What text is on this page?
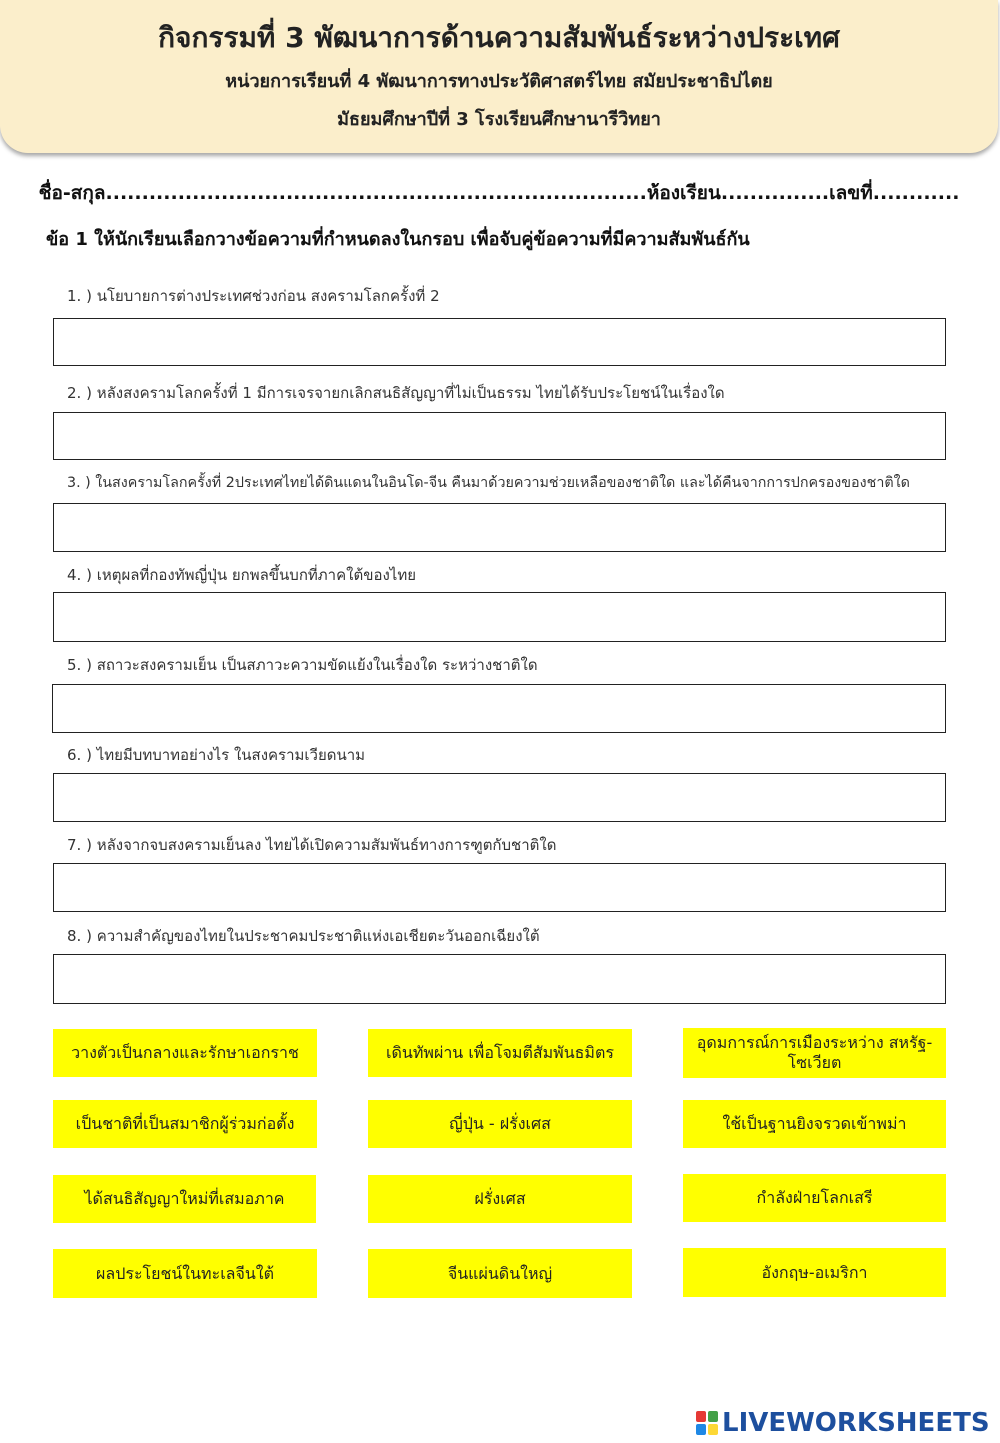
กิจกรรมที่ 3 พัฒนาการด้านความสัมพันธ์ระหว่างประเทศ
หน่วยการเรียนที่ 4 พัฒนาการทางประวัติศาสตร์ไทย สมัยประชาธิปไตย
มัธยมศึกษาปีที่ 3 โรงเรียนศึกษานารีวิทยา
ชื่อ-สกุล...........................................................................ห้องเรียน...............เลขที่............
ข้อ 1 ให้นักเรียนเลือกวางข้อความที่กำหนดลงในกรอบ เพื่อจับคู่ข้อความที่มีความสัมพันธ์กัน
1. ) นโยบายการต่างประเทศช่วงก่อน สงครามโลกครั้งที่ 2
2. ) หลังสงครามโลกครั้งที่ 1 มีการเจรจายกเลิกสนธิสัญญาที่ไม่เป็นธรรม ไทยได้รับประโยชน์ในเรื่องใด
3. ) ในสงครามโลกครั้งที่ 2ประเทศไทยได้ดินแดนในอินโด-จีน คืนมาด้วยความช่วยเหลือของชาติใด และได้คืนจากการปกครองของชาติใด
4. ) เหตุผลที่กองทัพญี่ปุ่น ยกพลขึ้นบกที่ภาคใต้ของไทย
5. ) สถาวะสงครามเย็น เป็นสภาวะความขัดแย้งในเรื่องใด ระหว่างชาติใด
6. ) ไทยมีบทบาทอย่างไร ในสงครามเวียดนาม
7. ) หลังจากจบสงครามเย็นลง ไทยได้เปิดความสัมพันธ์ทางการฑูตกับชาติใด
8. ) ความสำคัญของไทยในประชาคมประชาติแห่งเอเชียตะวันออกเฉียงใต้
วางตัวเป็นกลางและรักษาเอกราช	เดินทัพผ่าน เพื่อโจมตีสัมพันธมิตร
อุดมการณ์การเมืองระหว่าง สหรัฐ-โซเวียต
เป็นชาติที่เป็นสมาชิกผู้ร่วมก่อตั้ง	ญี่ปุ่น - ฝรั่งเศส	ใช้เป็นฐานยิงจรวดเข้าพม่า
ได้สนธิสัญญาใหม่ที่เสมอภาค	ฝรั่งเศส	กำลังฝ่ายโลกเสรี
ผลประโยชน์ในทะเลจีนใต้	จีนแผ่นดินใหญ่	อังกฤษ-อเมริกา
LIVEWORKSHEETS
